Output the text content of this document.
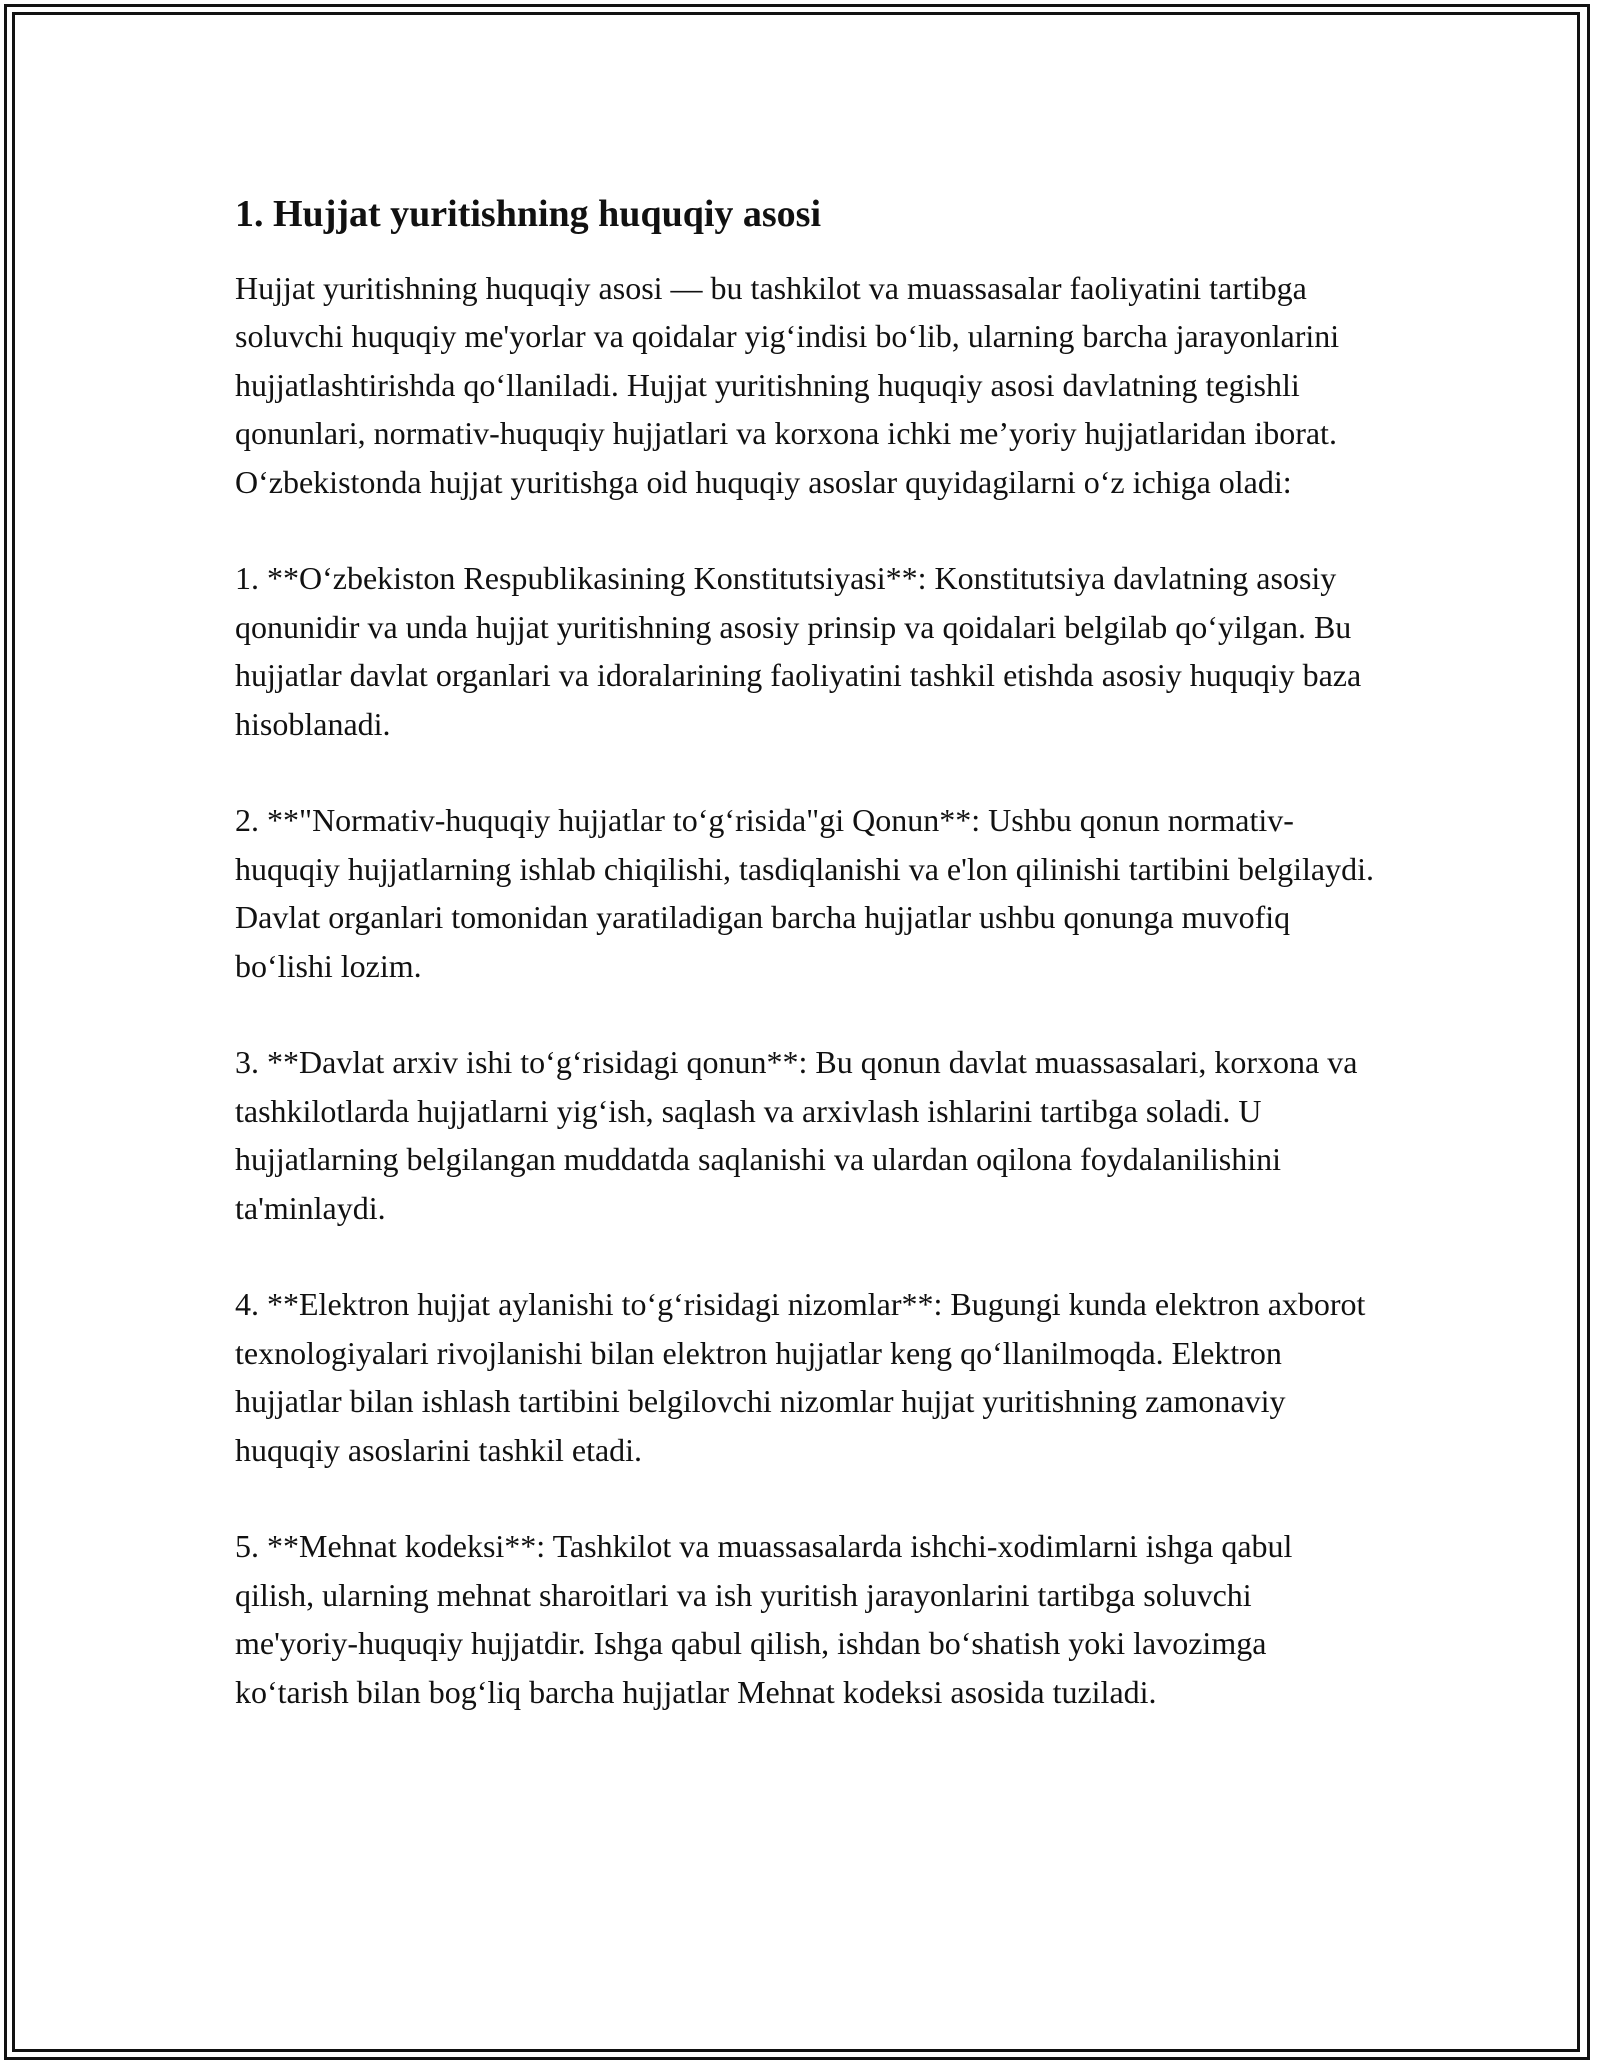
1. Hujjat yuritishning huquqiy asosi

Hujjat yuritishning huquqiy asosi — bu tashkilot va muassasalar faoliyatini tartibga soluvchi huquqiy me'yorlar va qoidalar yig‘indisi bo‘lib, ularning barcha jarayonlarini hujjatlashtirishda qo‘llaniladi. Hujjat yuritishning huquqiy asosi davlatning tegishli qonunlari, normativ-huquqiy hujjatlari va korxona ichki me’yoriy hujjatlaridan iborat. O‘zbekistonda hujjat yuritishga oid huquqiy asoslar quyidagilarni o‘z ichiga oladi:

1. **O‘zbekiston Respublikasining Konstitutsiyasi**: Konstitutsiya davlatning asosiy qonunidir va unda hujjat yuritishning asosiy prinsip va qoidalari belgilab qo‘yilgan. Bu hujjatlar davlat organlari va idoralarining faoliyatini tashkil etishda asosiy huquqiy baza hisoblanadi.

2. **"Normativ-huquqiy hujjatlar to‘g‘risida"gi Qonun**: Ushbu qonun normativ-huquqiy hujjatlarning ishlab chiqilishi, tasdiqlanishi va e'lon qilinishi tartibini belgilaydi. Davlat organlari tomonidan yaratiladigan barcha hujjatlar ushbu qonunga muvofiq bo‘lishi lozim.

3. **Davlat arxiv ishi to‘g‘risidagi qonun**: Bu qonun davlat muassasalari, korxona va tashkilotlarda hujjatlarni yig‘ish, saqlash va arxivlash ishlarini tartibga soladi. U hujjatlarning belgilangan muddatda saqlanishi va ulardan oqilona foydalanilishini ta'minlaydi.

4. **Elektron hujjat aylanishi to‘g‘risidagi nizomlar**: Bugungi kunda elektron axborot texnologiyalari rivojlanishi bilan elektron hujjatlar keng qo‘llanilmoqda. Elektron hujjatlar bilan ishlash tartibini belgilovchi nizomlar hujjat yuritishning zamonaviy huquqiy asoslarini tashkil etadi.

5. **Mehnat kodeksi**: Tashkilot va muassasalarda ishchi-xodimlarni ishga qabul qilish, ularning mehnat sharoitlari va ish yuritish jarayonlarini tartibga soluvchi me'yoriy-huquqiy hujjatdir. Ishga qabul qilish, ishdan bo‘shatish yoki lavozimga ko‘tarish bilan bog‘liq barcha hujjatlar Mehnat kodeksi asosida tuziladi.
